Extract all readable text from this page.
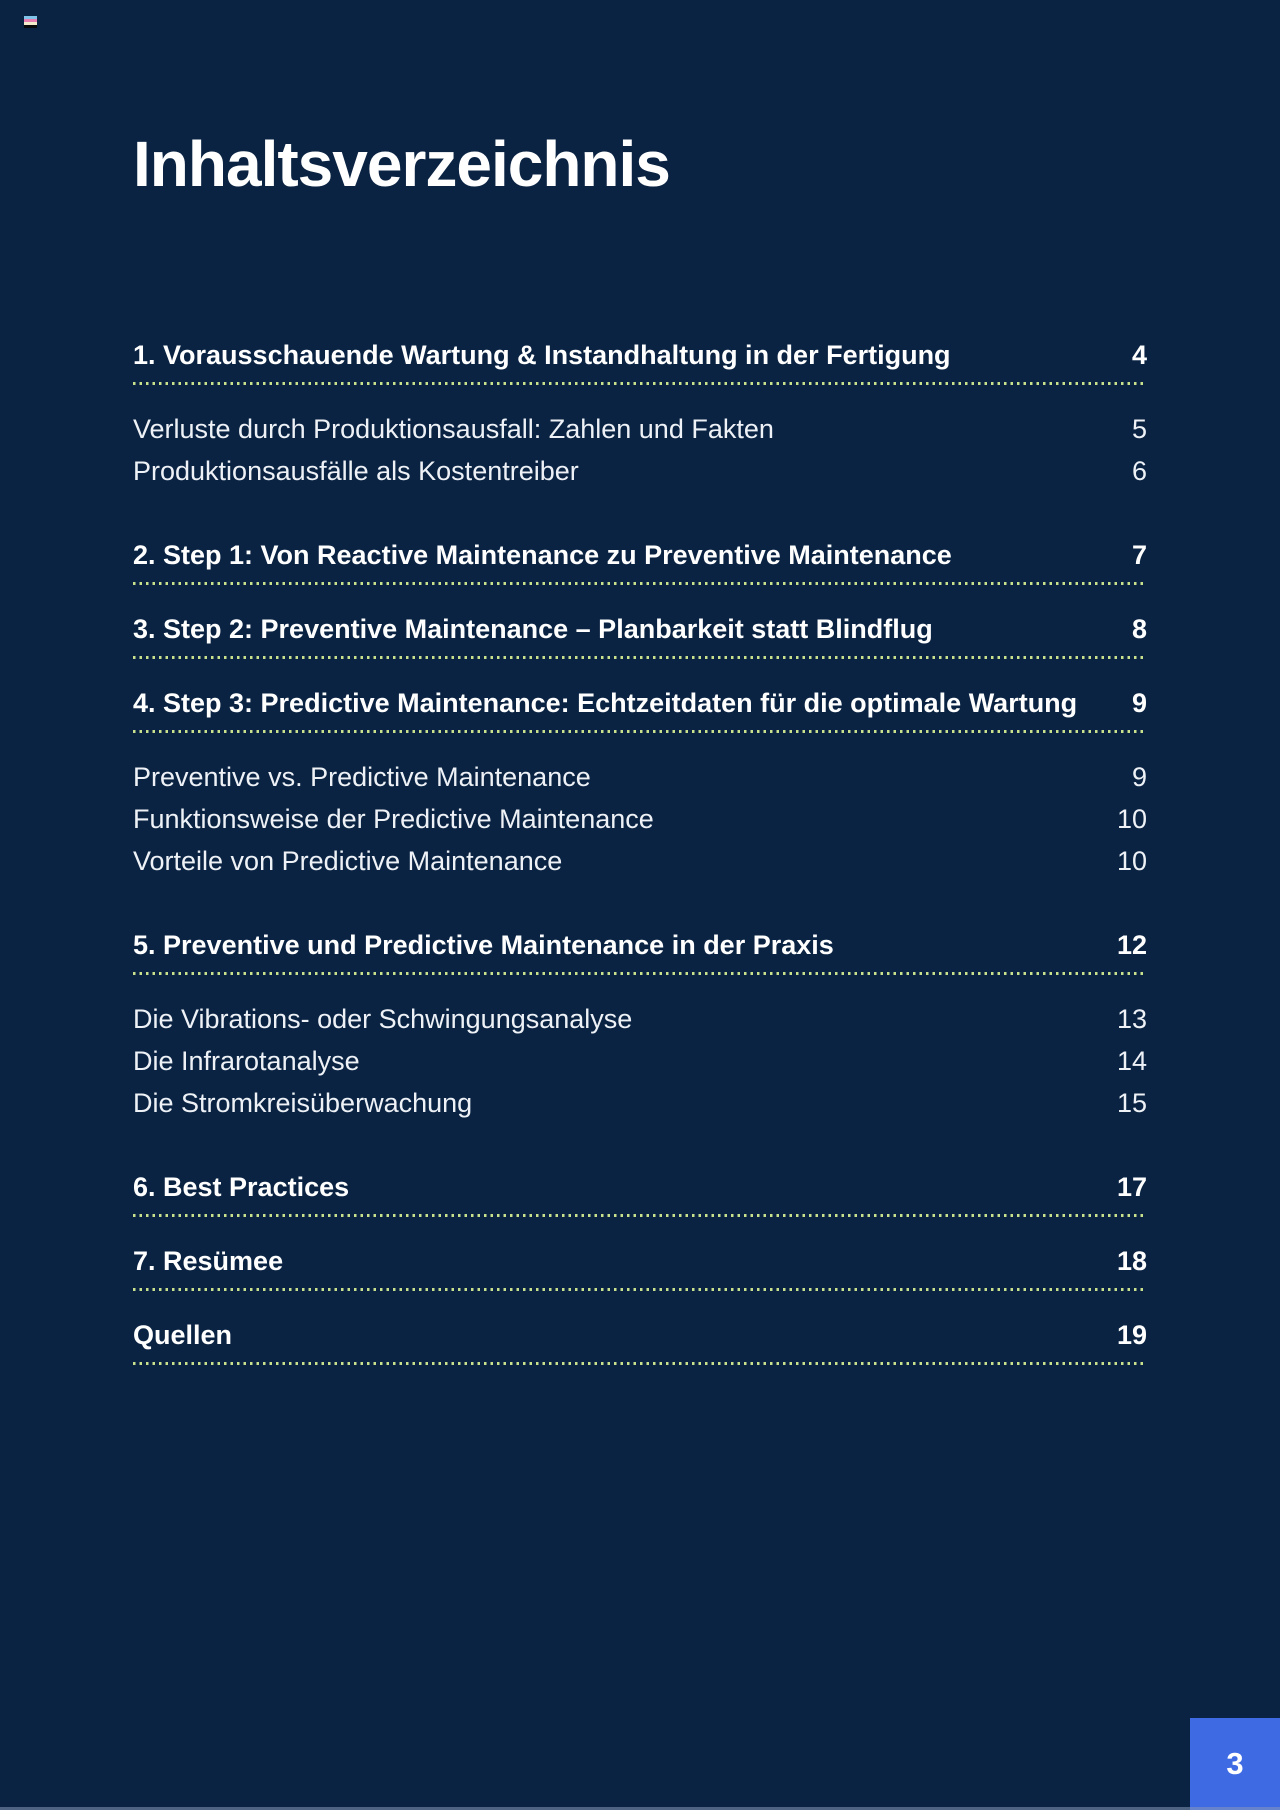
Inhaltsverzeichnis
1. Vorausschauende Wartung & Instandhaltung in der Fertigung	4
Verluste durch Produktionsausfall: Zahlen und Fakten	5
Produktionsausfälle als Kostentreiber	6
2. Step 1: Von Reactive Maintenance zu Preventive Maintenance	7
3. Step 2: Preventive Maintenance – Planbarkeit statt Blindflug	8
4. Step 3: Predictive Maintenance: Echtzeitdaten für die optimale Wartung	9
Preventive vs. Predictive Maintenance	9
Funktionsweise der Predictive Maintenance	10
Vorteile von Predictive Maintenance	10
5. Preventive und Predictive Maintenance in der Praxis	12
Die Vibrations- oder Schwingungsanalyse	13
Die Infrarotanalyse	14
Die Stromkreisüberwachung	15
6. Best Practices	17
7. Resümee	18
Quellen	19
3
